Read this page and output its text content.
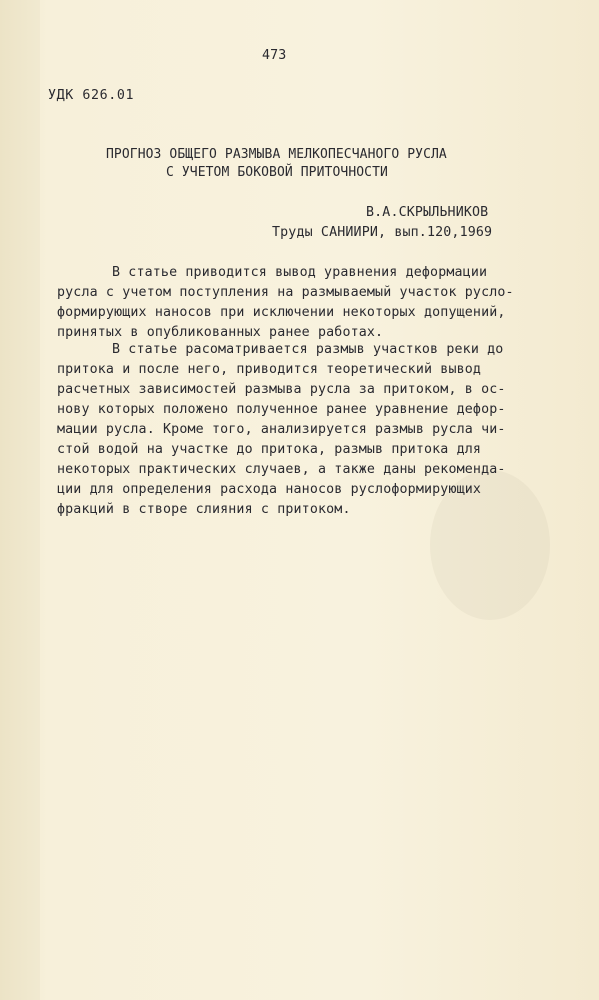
473
УДК 626.01
ПРОГНОЗ ОБЩЕГО РАЗМЫВА МЕЛКОПЕСЧАНОГО РУСЛА
С УЧЕТОМ БОКОВОЙ ПРИТОЧНОСТИ
В.А.СКРЫЛЬНИКОВ
Труды САНИИРИ, вып.120,1969
В статье приводится вывод уравнения деформации
русла с учетом поступления на размываемый участок русло-
формирующих наносов при исключении некоторых допущений,
принятых в опубликованных ранее работах.
В статье расоматривается размыв участков реки до
притока и после него, приводится теоретический вывод
расчетных зависимостей размыва русла за притоком, в ос-
нову которых положено полученное ранее уравнение дефор-
мации русла. Кроме того, анализируется размыв русла чи-
стой водой на участке до притока, размыв притока для
некоторых практических случаев, а также даны рекоменда-
ции для определения расхода наносов руслоформирующих
фракций в створе слияния с притоком.
